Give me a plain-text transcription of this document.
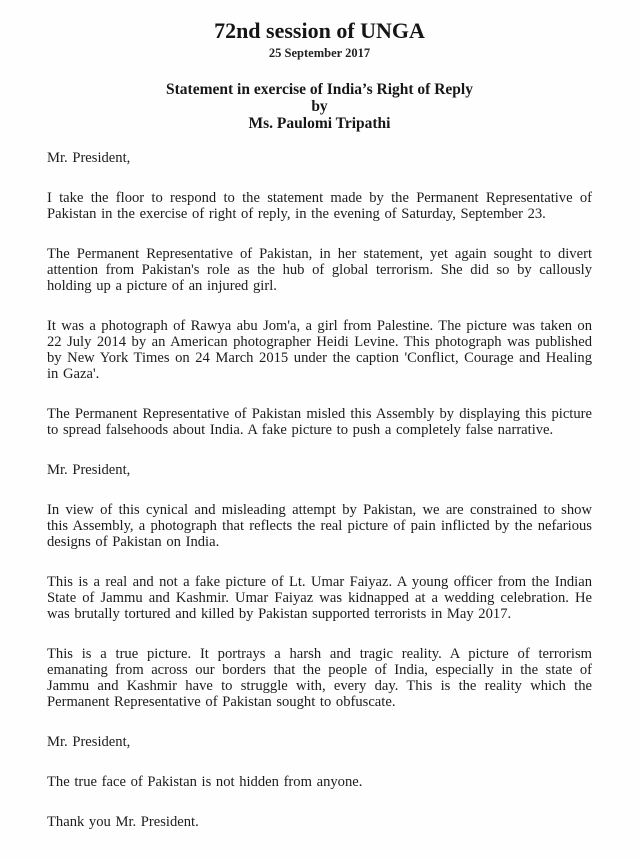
72nd session of UNGA
25 September 2017
Statement in exercise of India’s Right of Reply
by
Ms. Paulomi Tripathi

Mr. President,

I take the floor to respond to the statement made by the Permanent Representative of Pakistan in the exercise of right of reply, in the evening of Saturday, September 23.

The Permanent Representative of Pakistan, in her statement, yet again sought to divert attention from Pakistan's role as the hub of global terrorism. She did so by callously holding up a picture of an injured girl.

It was a photograph of Rawya abu Jom'a, a girl from Palestine. The picture was taken on 22 July 2014 by an American photographer Heidi Levine. This photograph was published by New York Times on 24 March 2015 under the caption 'Conflict, Courage and Healing in Gaza'.

The Permanent Representative of Pakistan misled this Assembly by displaying this picture to spread falsehoods about India. A fake picture to push a completely false narrative.

Mr. President,

In view of this cynical and misleading attempt by Pakistan, we are constrained to show this Assembly, a photograph that reflects the real picture of pain inflicted by the nefarious designs of Pakistan on India.

This is a real and not a fake picture of Lt. Umar Faiyaz. A young officer from the Indian State of Jammu and Kashmir. Umar Faiyaz was kidnapped at a wedding celebration. He was brutally tortured and killed by Pakistan supported terrorists in May 2017.

This is a true picture. It portrays a harsh and tragic reality. A picture of terrorism emanating from across our borders that the people of India, especially in the state of Jammu and Kashmir have to struggle with, every day. This is the reality which the Permanent Representative of Pakistan sought to obfuscate.

Mr. President,

The true face of Pakistan is not hidden from anyone.

Thank you Mr. President.
